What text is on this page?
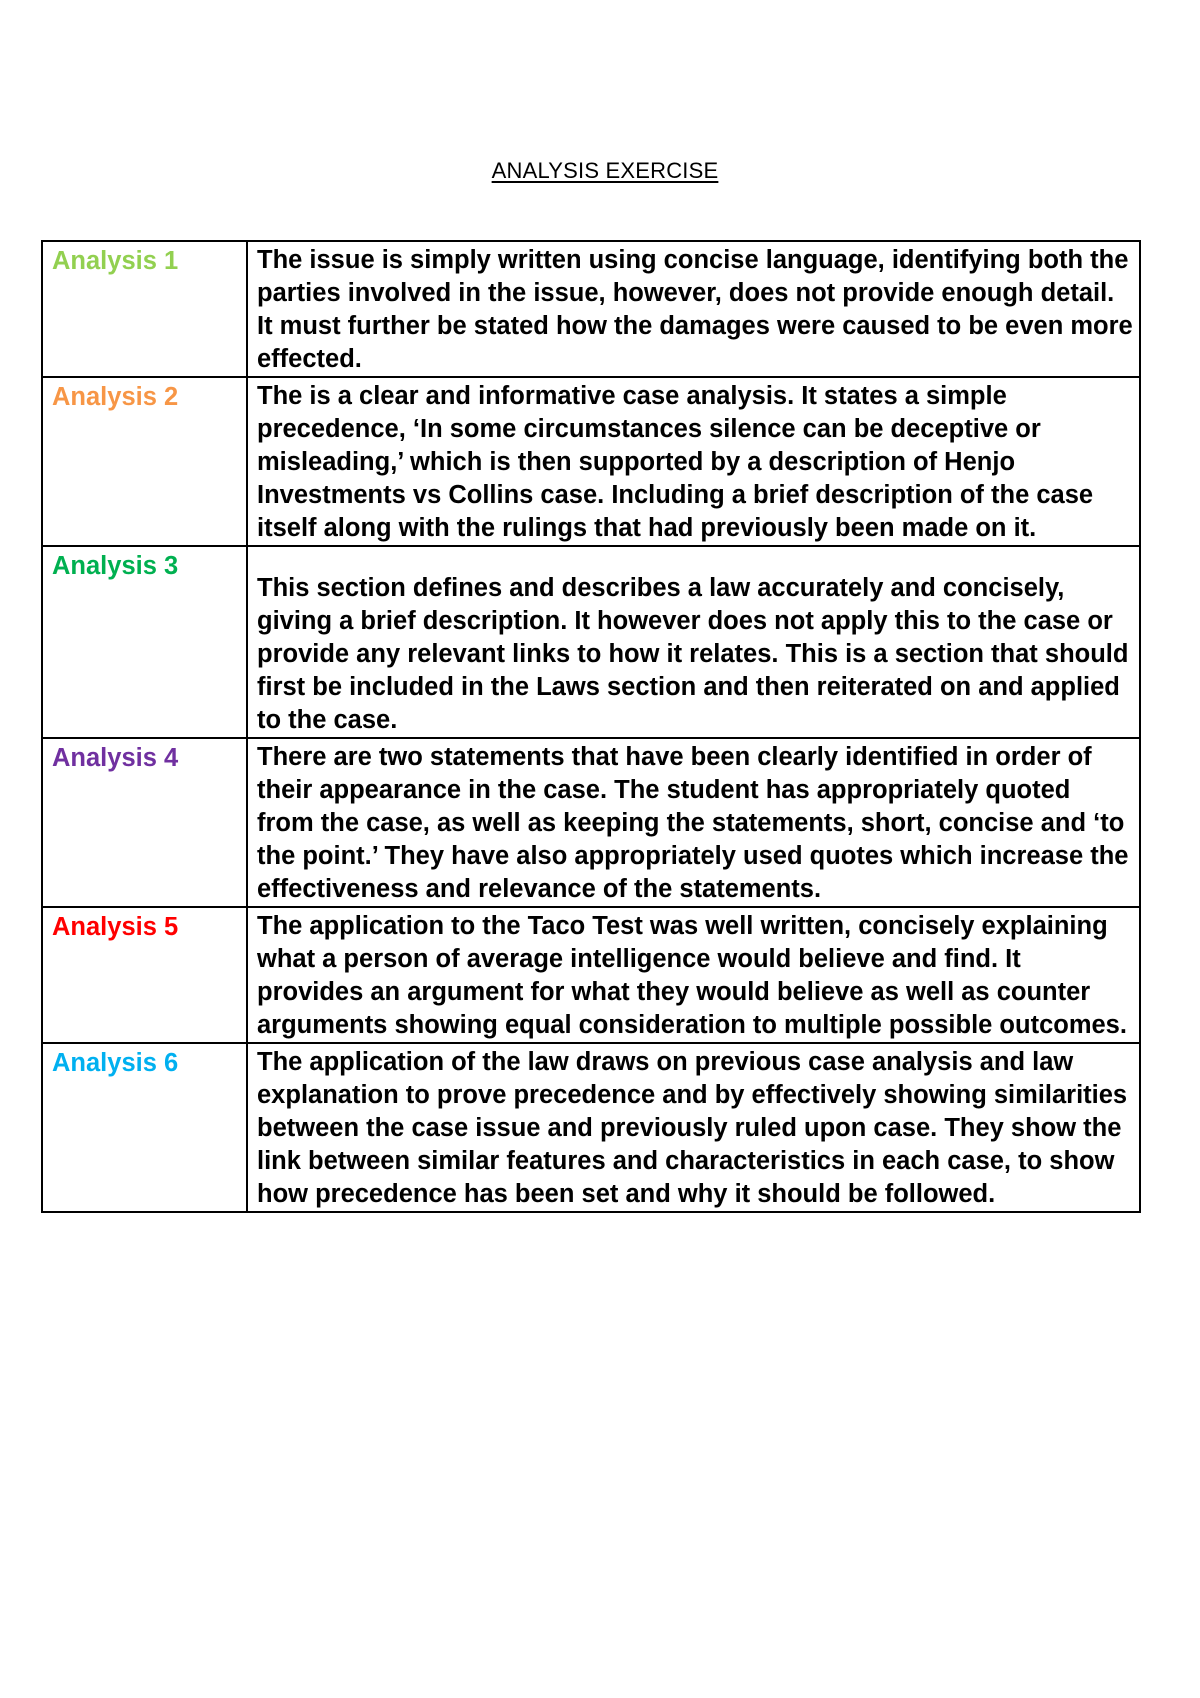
ANALYSIS EXERCISE
Analysis 1	The issue is simply written using concise language, identifying both the parties involved in the issue, however, does not provide enough detail. It must further be stated how the damages were caused to be even more effected.
Analysis 2	The is a clear and informative case analysis. It states a simple precedence, ‘In some circumstances silence can be deceptive or misleading,’ which is then supported by a description of Henjo Investments vs Collins case. Including a brief description of the case itself along with the rulings that had previously been made on it.
Analysis 3	This section defines and describes a law accurately and concisely, giving a brief description. It however does not apply this to the case or provide any relevant links to how it relates. This is a section that should first be included in the Laws section and then reiterated on and applied to the case.
Analysis 4	There are two statements that have been clearly identified in order of their appearance in the case. The student has appropriately quoted from the case, as well as keeping the statements, short, concise and ‘to the point.’ They have also appropriately used quotes which increase the effectiveness and relevance of the statements.
Analysis 5	The application to the Taco Test was well written, concisely explaining what a person of average intelligence would believe and find. It provides an argument for what they would believe as well as counter arguments showing equal consideration to multiple possible outcomes.
Analysis 6	The application of the law draws on previous case analysis and law explanation to prove precedence and by effectively showing similarities between the case issue and previously ruled upon case. They show the link between similar features and characteristics in each case, to show how precedence has been set and why it should be followed.
